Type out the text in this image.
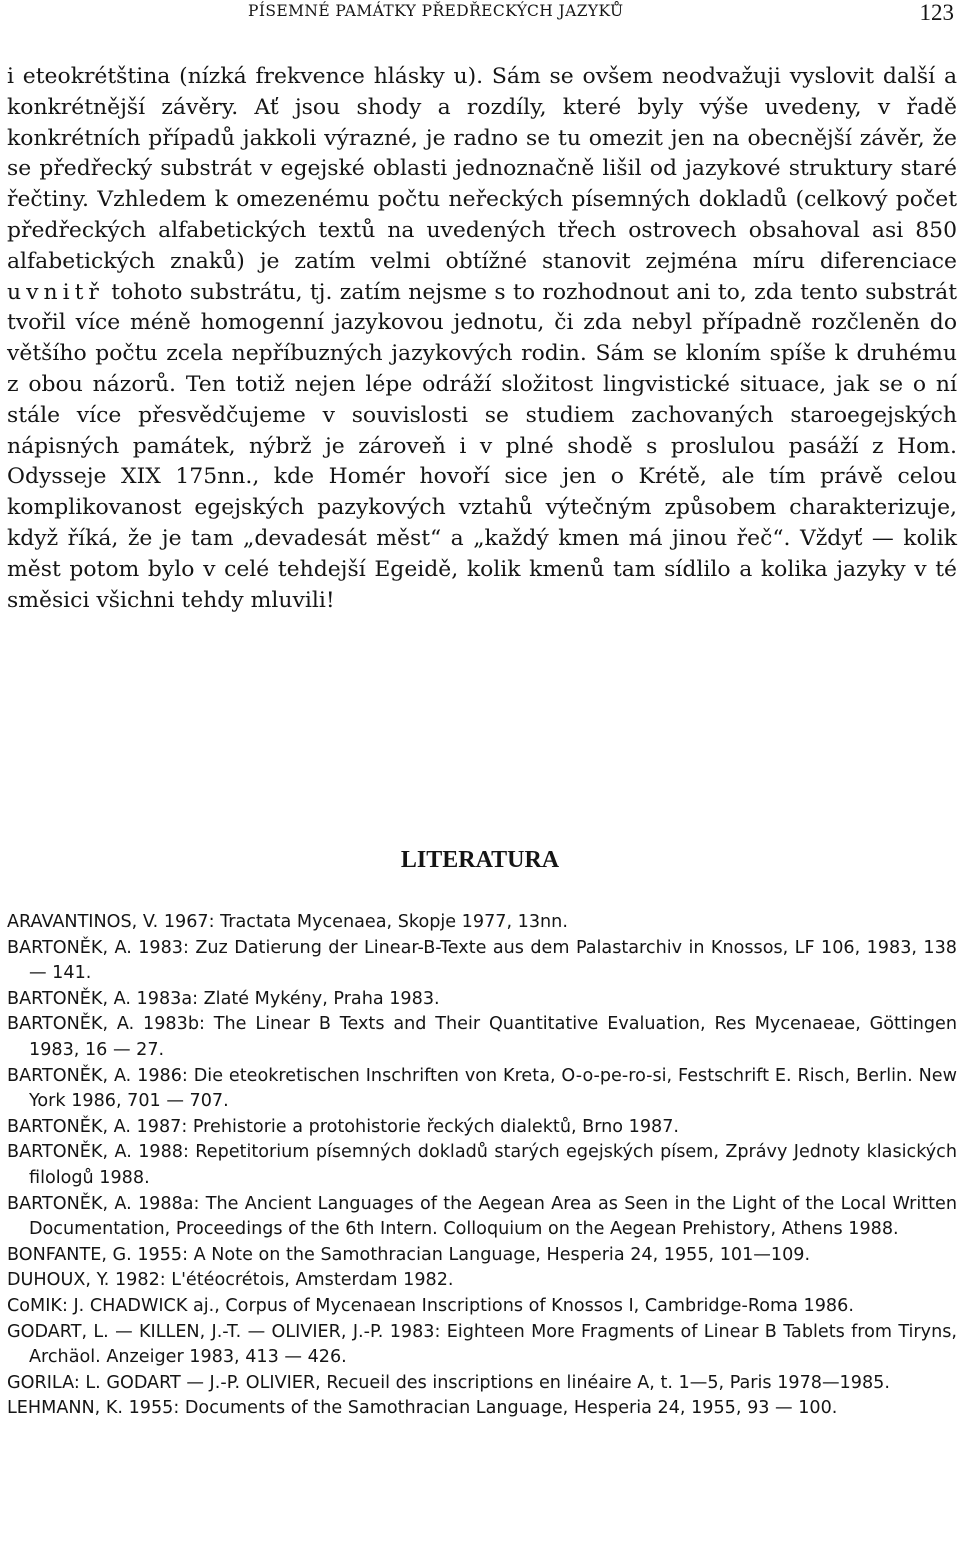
PÍSEMNÉ PAMÁTKY PŘEDŘECKÝCH JAZYKŮ	123

i eteokrétština (nízká frekvence hlásky u). Sám se ovšem neodvažuji vyslovit další a konkrétnější závěry. Ať jsou shody a rozdíly, které byly výše uvedeny, v řadě konkrétních případů jakkoli výrazné, je radno se tu omezit jen na obecnější závěr, že se předřecký substrát v egejské oblasti jednoznačně lišil od jazykové struktury staré řečtiny. Vzhledem k omezenému počtu neřeckých písemných dokladů (celkový počet předřeckých alfabetických textů na uvedených třech ostrovech obsahoval asi 850 alfabetických znaků) je zatím velmi obtížné stanovit zejména míru diferenciace uvnitř tohoto substrátu, tj. zatím nejsme s to rozhodnout ani to, zda tento substrát tvořil více méně homogenní jazykovou jednotu, či zda nebyl případně rozčleněn do většího počtu zcela nepříbuzných jazykových rodin. Sám se kloním spíše k druhému z obou názorů. Ten totiž nejen lépe odráží složitost lingvistické situace, jak se o ní stále více přesvědčujeme v souvislosti se studiem zachovaných staroegejských nápisných památek, nýbrž je zároveň i v plné shodě s proslulou pasáží z Hom. Odysseje XIX 175nn., kde Homér hovoří sice jen o Krétě, ale tím právě celou komplikovanost egejských pazykových vztahů výtečným způsobem charakterizuje, když říká, že je tam „devadesát měst“ a „každý kmen má jinou řeč“. Vždyť — kolik měst potom bylo v celé tehdejší Egeidě, kolik kmenů tam sídlilo a kolika jazyky v té směsici všichni tehdy mluvili!

LITERATURA

ARAVANTINOS, V. 1967: Tractata Mycenaea, Skopje 1977, 13nn.

BARTONĚK, A. 1983: Zuz Datierung der Linear-B-Texte aus dem Palastarchiv in Knossos, LF 106, 1983, 138 — 141.

BARTONĚK, A. 1983a: Zlaté Mykény, Praha 1983.

BARTONĚK, A. 1983b: The Linear B Texts and Their Quantitative Evaluation, Res Mycenaeae, Göttingen 1983, 16 — 27.

BARTONĚK, A. 1986: Die eteokretischen Inschriften von Kreta, O-o-pe-ro-si, Festschrift E. Risch, Berlin. New York 1986, 701 — 707.

BARTONĚK, A. 1987: Prehistorie a protohistorie řeckých dialektů, Brno 1987.

BARTONĚK, A. 1988: Repetitorium písemných dokladů starých egejských písem, Zprávy Jednoty klasických filologů 1988.

BARTONĚK, A. 1988a: The Ancient Languages of the Aegean Area as Seen in the Light of the Local Written Documentation, Proceedings of the 6th Intern. Colloquium on the Aegean Prehistory, Athens 1988.

BONFANTE, G. 1955: A Note on the Samothracian Language, Hesperia 24, 1955, 101—109.

DUHOUX, Y. 1982: L'étéocrétois, Amsterdam 1982.

CoMIK: J. CHADWICK aj., Corpus of Mycenaean Inscriptions of Knossos I, Cambridge-Roma 1986.

GODART, L. — KILLEN, J.-T. — OLIVIER, J.-P. 1983: Eighteen More Fragments of Linear B Tablets from Tiryns, Archäol. Anzeiger 1983, 413 — 426.

GORILA: L. GODART — J.-P. OLIVIER, Recueil des inscriptions en linéaire A, t. 1—5, Paris 1978—1985.

LEHMANN, K. 1955: Documents of the Samothracian Language, Hesperia 24, 1955, 93 — 100.
